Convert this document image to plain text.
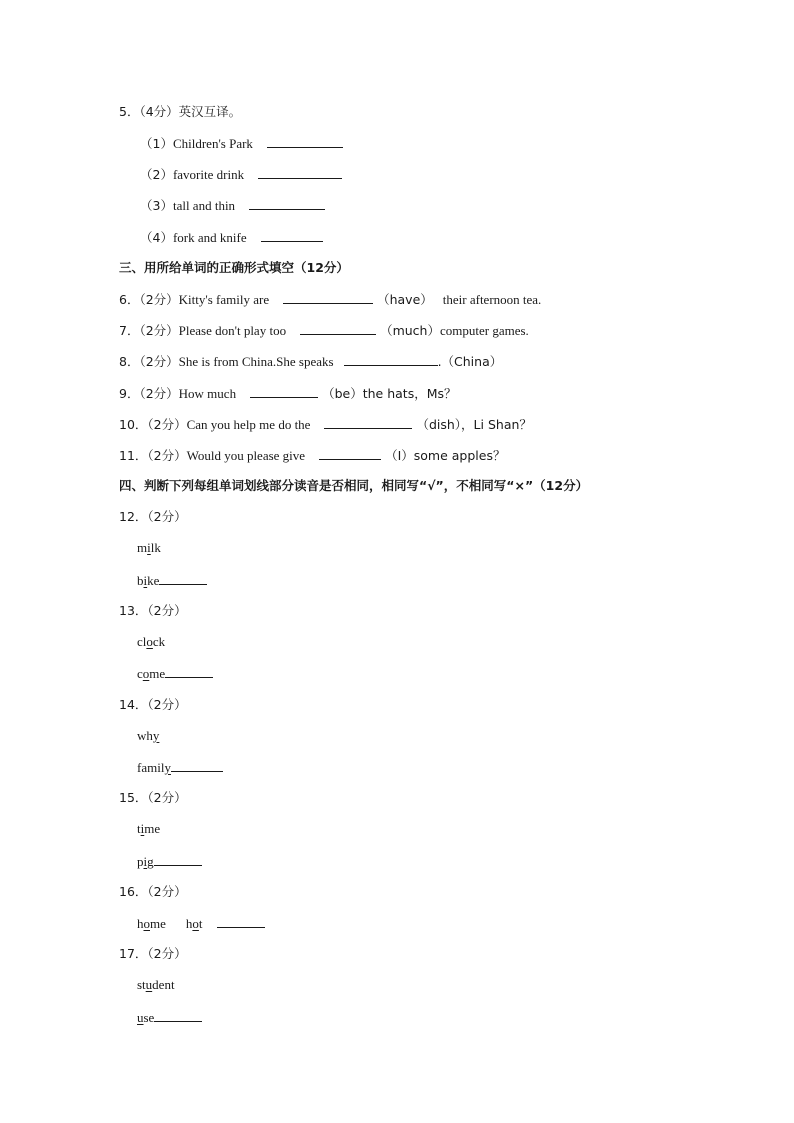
5．（4分）英汉互译。
（1）Children's Park
（2）favorite drink
（3）tall and thin
（4）fork and knife
三、用所给单词的正确形式填空（12分）
6．（2分）Kitty's family are	（have） their afternoon tea.
7．（2分）Please don't play too	（much）computer games.
8．（2分）She is from China.She speaks	.（China）
9．（2分）How much	（be）the hats，Ms？
10．（2分）Can you help me do the	（dish），Li Shan？
11．（2分）Would you please give	（I）some apples？
四、判断下列每组单词划线部分读音是否相同，相同写“√”，不相同写“×”（12分）
12．（2分）
milk
bike
13．（2分）
clock
come
14．（2分）
why
family
15．（2分）
time
pig
16．（2分）
home hot
17．（2分）
student
use
